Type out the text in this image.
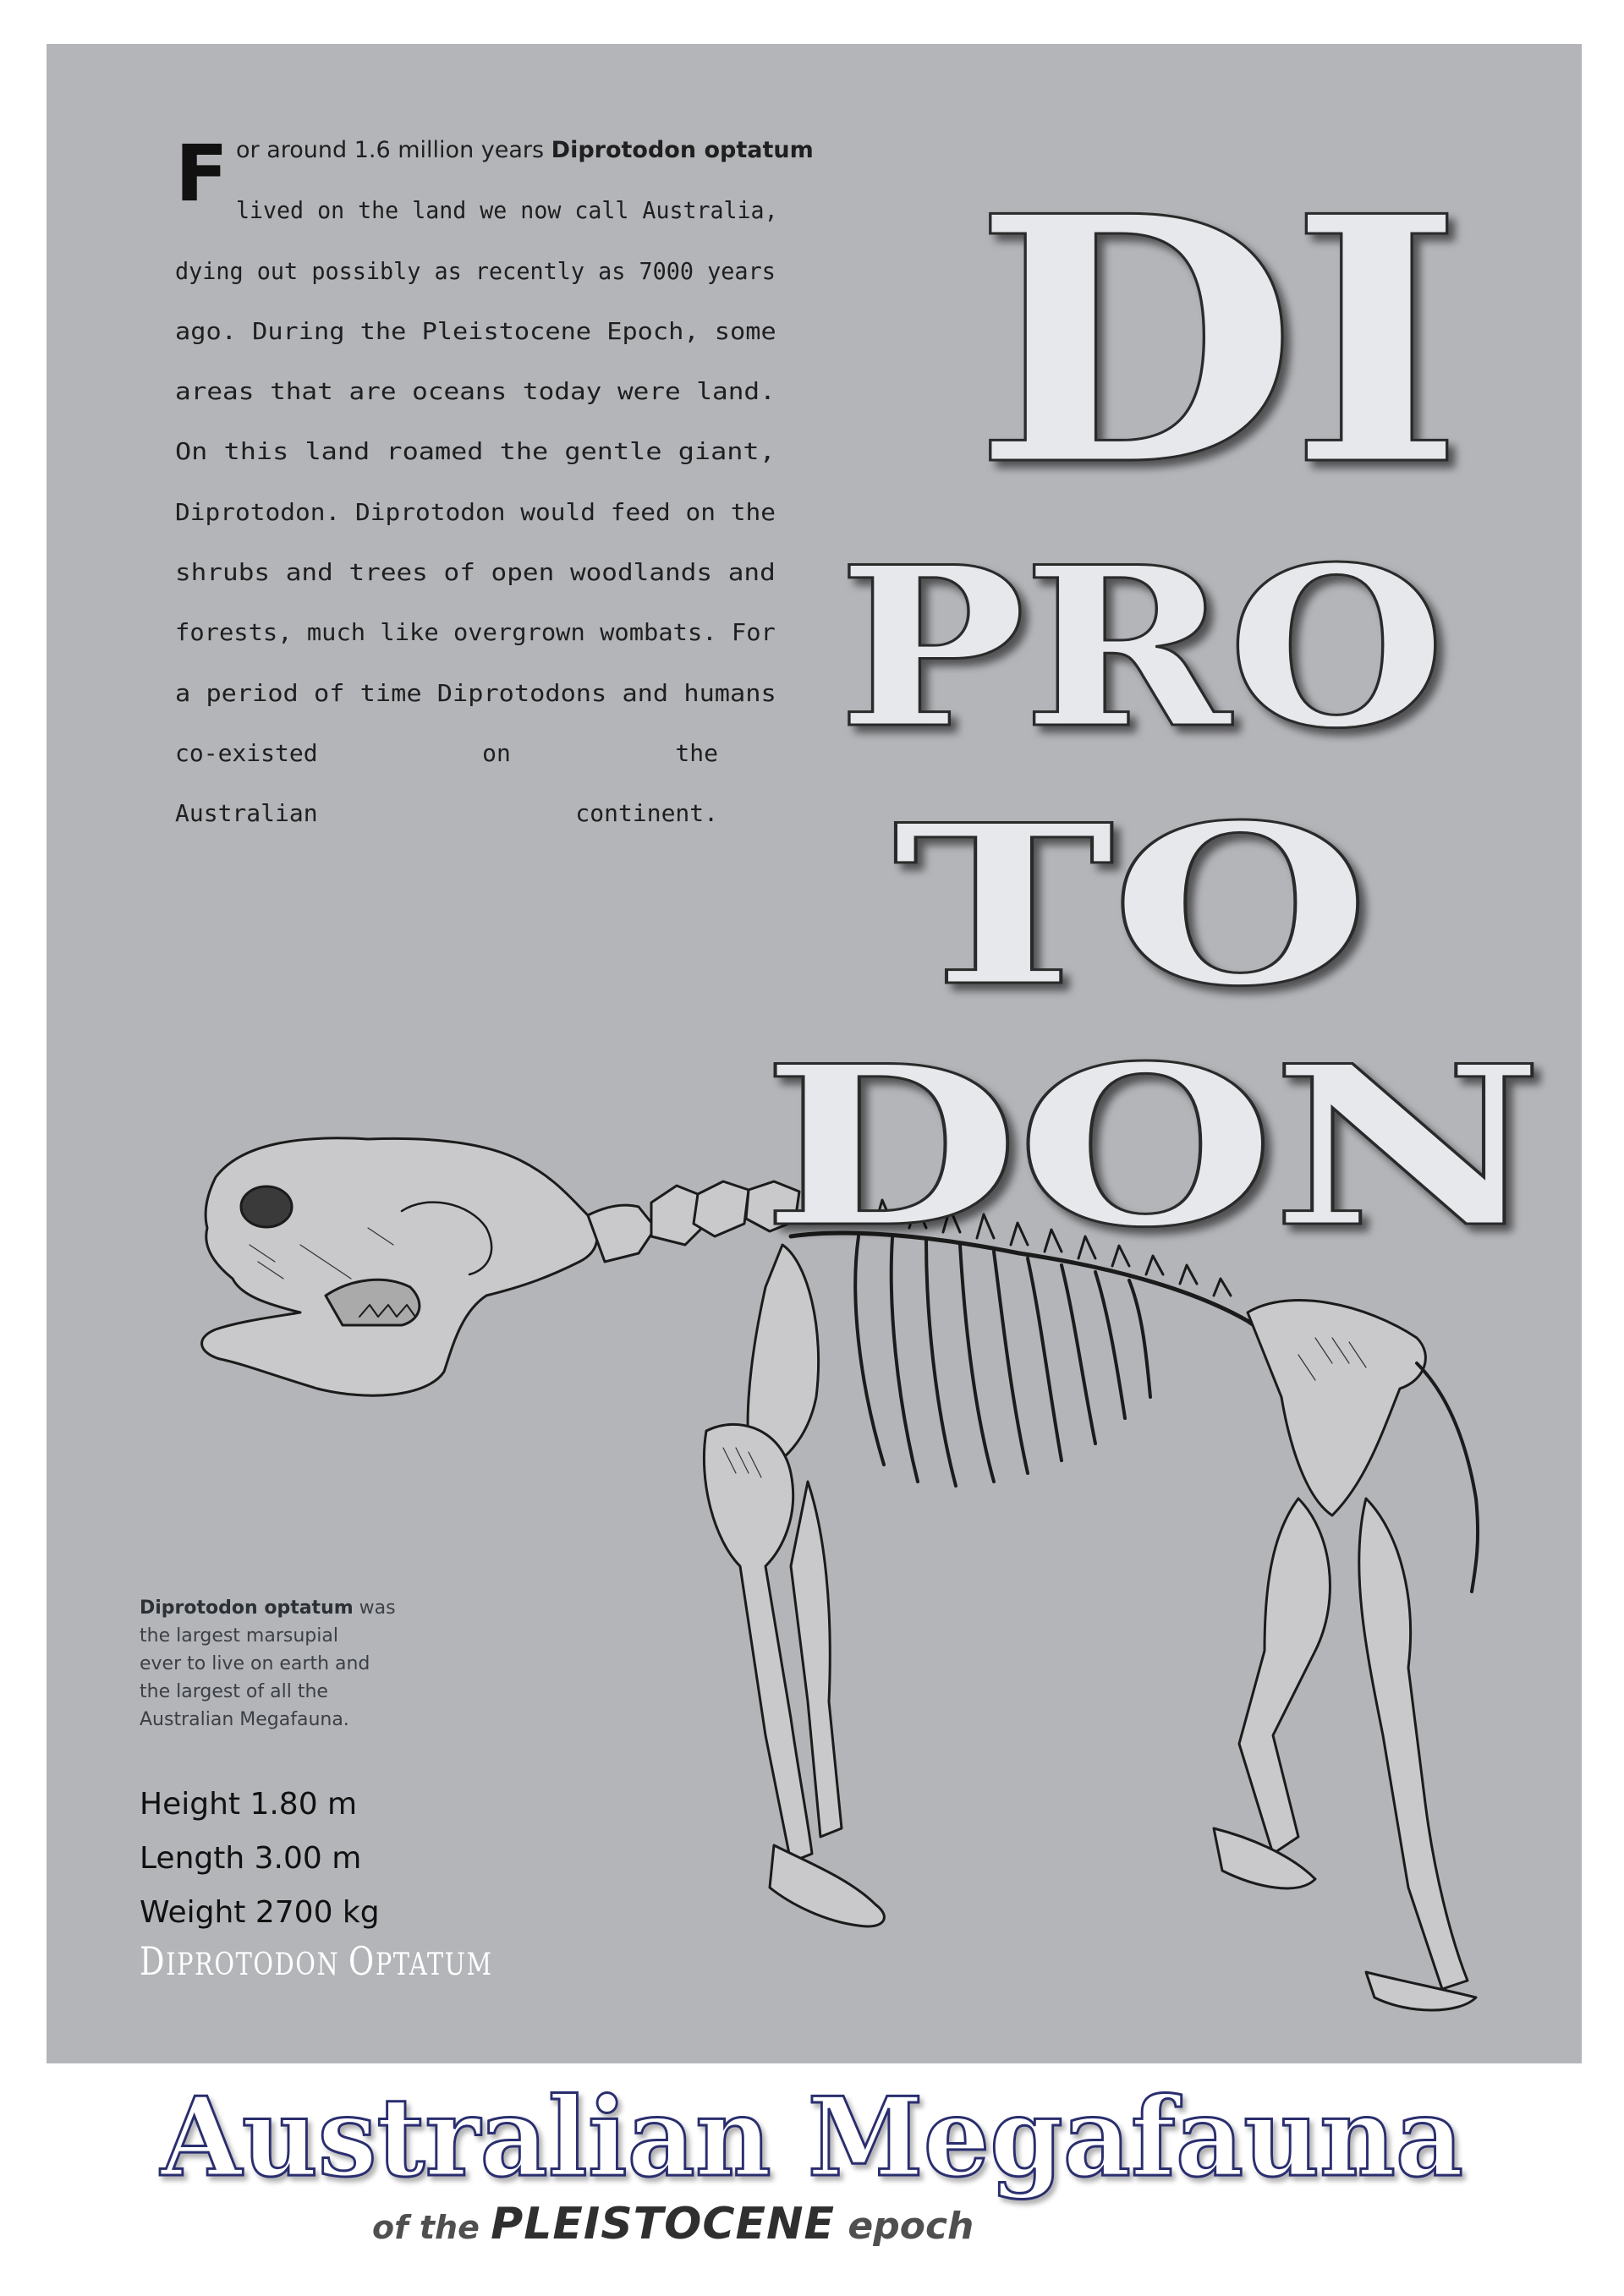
F or around 1.6 million years Diprotodon optatum
lived on the land we now call Australia,
dying out possibly as recently as 7000 years
ago. During the Pleistocene Epoch, some
areas that are oceans today were land.
On this land roamed the gentle giant,
Diprotodon. Diprotodon would feed on the
shrubs and trees of open woodlands and
forests, much like overgrown wombats. For
a period of time Diprotodons and humans
co-existed	on	the
Australian	continent.
DI
PRO
TO
DON
Diprotodon optatum was
the largest marsupial
ever to live on earth and
the largest of all the
Australian Megafauna.
Height 1.80 m
Length 3.00 m
Weight 2700 kg
DIPROTODON OPTATUM
Australian Megafauna
of the PLEISTOCENE epoch
